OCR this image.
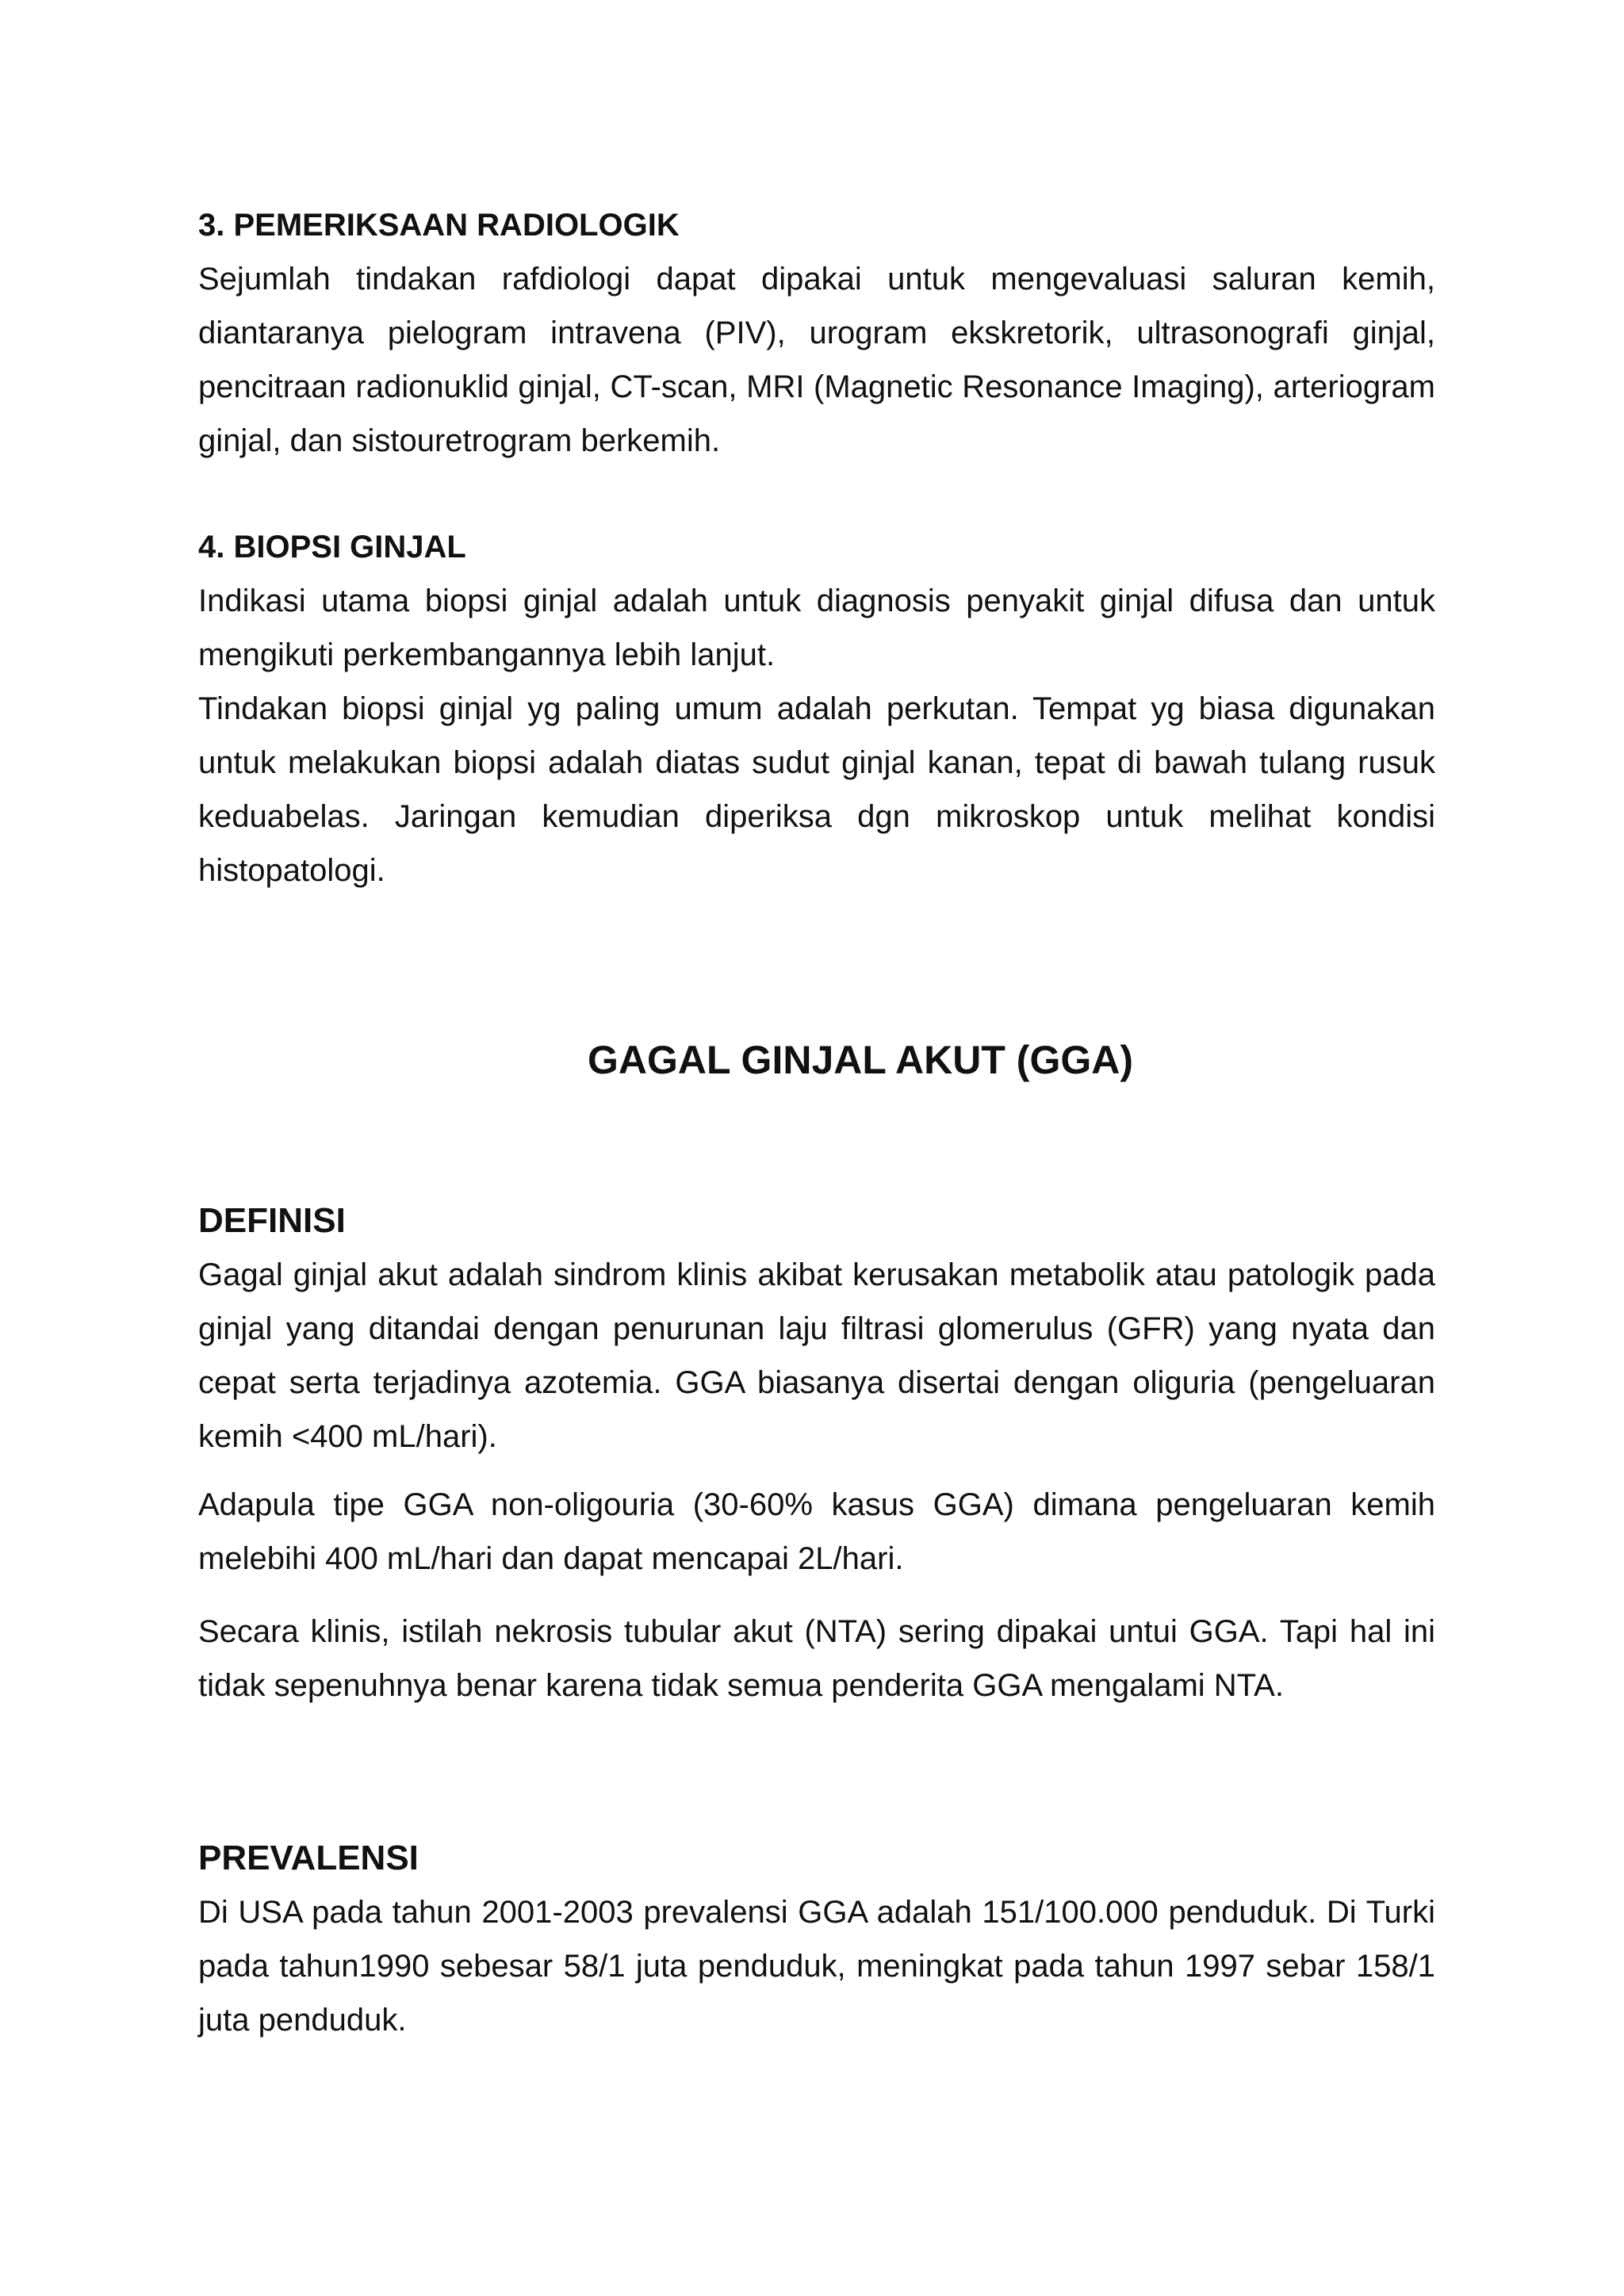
3. PEMERIKSAAN RADIOLOGIK

Sejumlah tindakan rafdiologi dapat dipakai untuk mengevaluasi saluran kemih, diantaranya pielogram intravena (PIV), urogram ekskretorik, ultrasonografi ginjal, pencitraan radionuklid ginjal, CT-scan, MRI (Magnetic Resonance Imaging), arteriogram ginjal, dan sistouretrogram berkemih.

4. BIOPSI GINJAL

Indikasi utama biopsi ginjal adalah untuk diagnosis penyakit ginjal difusa dan untuk mengikuti perkembangannya lebih lanjut.

Tindakan biopsi ginjal yg paling umum adalah perkutan. Tempat yg biasa digunakan untuk melakukan biopsi adalah diatas sudut ginjal kanan, tepat di bawah tulang rusuk keduabelas. Jaringan kemudian diperiksa dgn mikroskop untuk melihat kondisi histopatologi.

GAGAL GINJAL AKUT (GGA)
DEFINISI

Gagal ginjal akut adalah sindrom klinis akibat kerusakan metabolik atau patologik pada ginjal yang ditandai dengan penurunan laju filtrasi glomerulus (GFR) yang nyata dan cepat serta terjadinya azotemia. GGA biasanya disertai dengan oliguria (pengeluaran kemih <400 mL/hari).

Adapula tipe GGA non-oligouria (30-60% kasus GGA) dimana pengeluaran kemih melebihi 400 mL/hari dan dapat mencapai 2L/hari.

Secara klinis, istilah nekrosis tubular akut (NTA) sering dipakai untui GGA. Tapi hal ini tidak sepenuhnya benar karena tidak semua penderita GGA mengalami NTA.

PREVALENSI

Di USA pada tahun 2001-2003 prevalensi GGA adalah 151/100.000 penduduk. Di Turki pada tahun1990 sebesar 58/1 juta penduduk, meningkat pada tahun 1997 sebar 158/1 juta penduduk.
